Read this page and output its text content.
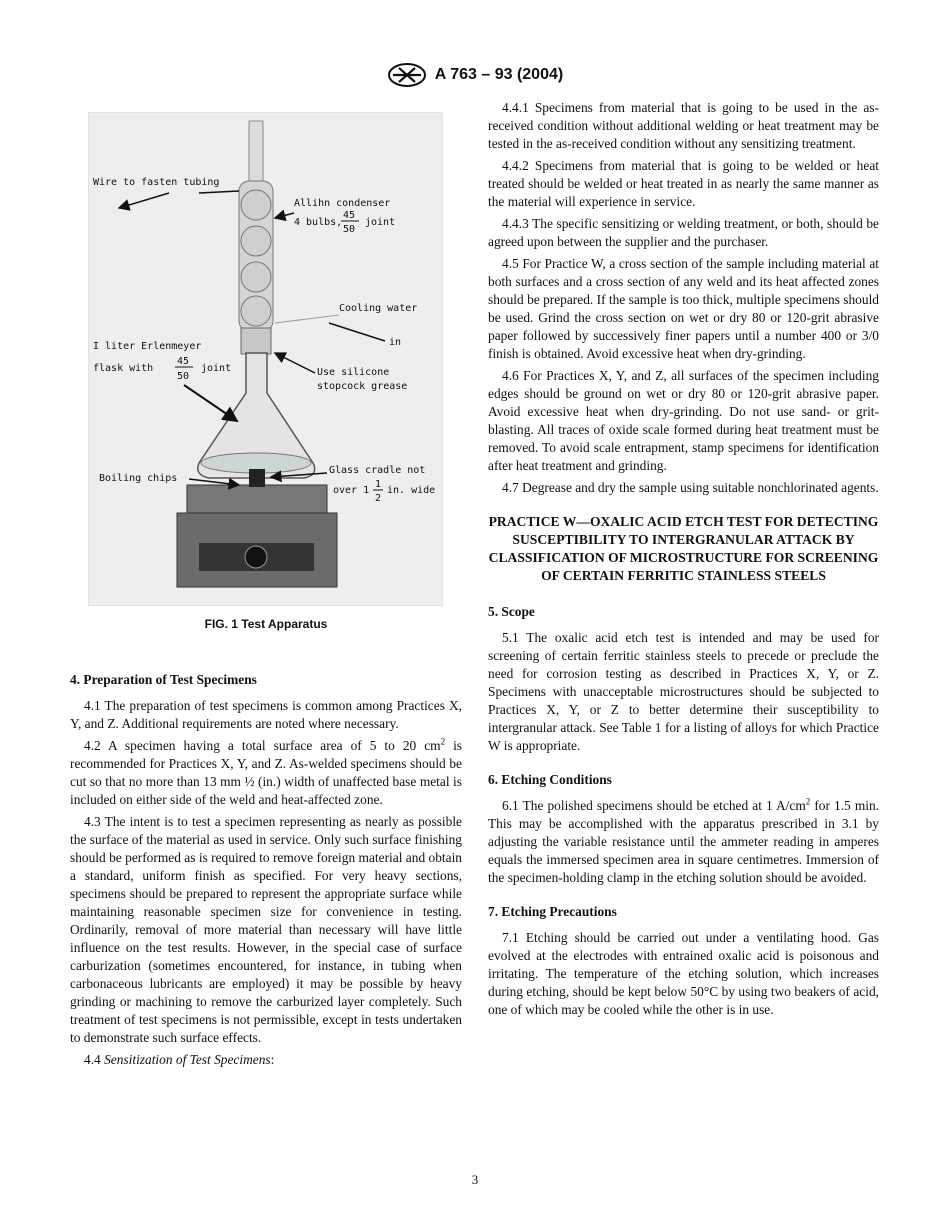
A 763 – 93 (2004)
Wire to fasten tubing
Allihn condenser
4 bulbs,
45
50
joint
Cooling water
in
I liter Erlenmeyer
flask with
45
50
joint	Use silicone
stopcock grease
Boiling chips
Glass cradle not
over 1
1
2
in. wide
FIG. 1 Test Apparatus
4. Preparation of Test Specimens

4.1 The preparation of test specimens is common among Practices X, Y, and Z. Additional requirements are noted where necessary.

4.2 A specimen having a total surface area of 5 to 20 $cm^2$ is recommended for Practices X, Y, and Z. As-welded specimens should be cut so that no more than 13 mm ½ (in.) width of unaffected base metal is included on either side of the weld and heat-affected zone.

4.3 The intent is to test a specimen representing as nearly as possible the surface of the material as used in service. Only such surface finishing should be performed as is required to remove foreign material and obtain a standard, uniform finish as specified. For very heavy sections, specimens should be prepared to represent the appropriate surface while maintaining reasonable specimen size for convenience in testing. Ordinarily, removal of more material than necessary will have little influence on the test results. However, in the special case of surface carburization (sometimes encountered, for instance, in tubing when carbonaceous lubricants are employed) it may be possible by heavy grinding or machining to remove the carburized layer completely. Such treatment of test specimens is not permissible, except in tests undertaken to demonstrate such surface effects.

4.4 Sensitization of Test Specimens:

4.4.1 Specimens from material that is going to be used in the as-received condition without additional welding or heat treatment may be tested in the as-received condition without any sensitizing treatment.

4.4.2 Specimens from material that is going to be welded or heat treated should be welded or heat treated in as nearly the same manner as the material will experience in service.

4.4.3 The specific sensitizing or welding treatment, or both, should be agreed upon between the supplier and the purchaser.

4.5 For Practice W, a cross section of the sample including material at both surfaces and a cross section of any weld and its heat affected zones should be prepared. If the sample is too thick, multiple specimens should be used. Grind the cross section on wet or dry 80 or 120-grit abrasive paper followed by successively finer papers until a number 400 or 3/0 finish is obtained. Avoid excessive heat when dry-grinding.

4.6 For Practices X, Y, and Z, all surfaces of the specimen including edges should be ground on wet or dry 80 or 120-grit abrasive paper. Avoid excessive heat when dry-grinding. Do not use sand- or grit-blasting. All traces of oxide scale formed during heat treatment must be removed. To avoid scale entrapment, stamp specimens for identification after heat treatment and grinding.

4.7 Degrease and dry the sample using suitable nonchlorinated agents.

PRACTICE W—OXALIC ACID ETCH TEST FOR DETECTING SUSCEPTIBILITY TO INTERGRANULAR ATTACK BY CLASSIFICATION OF MICROSTRUCTURE FOR SCREENING OF CERTAIN FERRITIC STAINLESS STEELS

5. Scope

5.1 The oxalic acid etch test is intended and may be used for screening of certain ferritic stainless steels to precede or preclude the need for corrosion testing as described in Practices X, Y, or Z. Specimens with unacceptable microstructures should be subjected to Practices X, Y, or Z to better determine their susceptibility to intergranular attack. See Table 1 for a listing of alloys for which Practice W is appropriate.

6. Etching Conditions

6.1 The polished specimens should be etched at 1 $A/cm^2$ for 1.5 min. This may be accomplished with the apparatus prescribed in 3.1 by adjusting the variable resistance until the ammeter reading in amperes equals the immersed specimen area in square centimetres. Immersion of the specimen-holding clamp in the etching solution should be avoided.

7. Etching Precautions

7.1 Etching should be carried out under a ventilating hood. Gas evolved at the electrodes with entrained oxalic acid is poisonous and irritating. The temperature of the etching solution, which increases during etching, should be kept below 50°C by using two beakers of acid, one of which may be cooled while the other is in use.

3
